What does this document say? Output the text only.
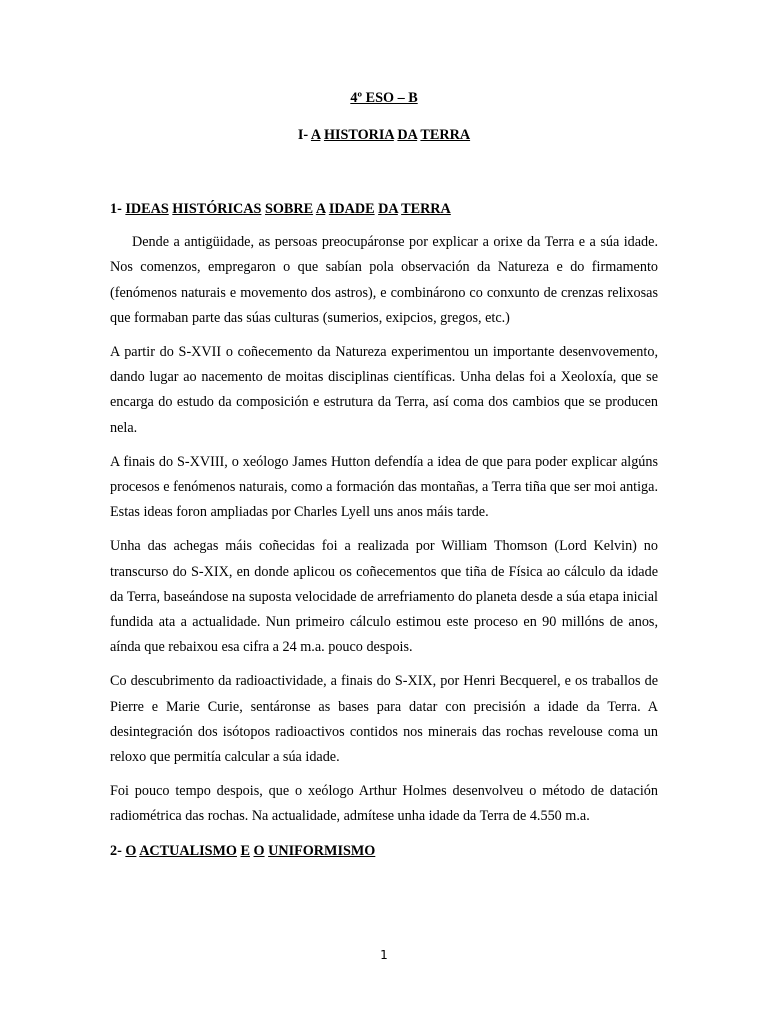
4º ESO – B
I- A HISTORIA DA TERRA
1- IDEAS HISTÓRICAS SOBRE A IDADE DA TERRA

Dende a antigüidade, as persoas preocupáronse por explicar a orixe da Terra e a súa idade. Nos comenzos, empregaron o que sabían pola observación da Natureza e do firmamento (fenómenos naturais e movemento dos astros), e combinárono co conxunto de crenzas relixosas que formaban parte das súas culturas (sumerios, exipcios, gregos, etc.)

A partir do S-XVII o coñecemento da Natureza experimentou un importante desenvovemento, dando lugar ao nacemento de moitas disciplinas científicas. Unha delas foi a Xeoloxía, que se encarga do estudo da composición e estrutura da Terra, así coma dos cambios que se producen nela.

A finais do S-XVIII, o xeólogo James Hutton defendía a idea de que para poder explicar algúns procesos e fenómenos naturais, como a formación das montañas, a Terra tiña que ser moi antiga. Estas ideas foron ampliadas por Charles Lyell uns anos máis tarde.

Unha das achegas máis coñecidas foi a realizada por William Thomson (Lord Kelvin) no transcurso do S-XIX, en donde aplicou os coñecementos que tiña de Física ao cálculo da idade da Terra, baseándose na suposta velocidade de arrefriamento do planeta desde a súa etapa inicial fundida ata a actualidade. Nun primeiro cálculo estimou este proceso en 90 millóns de anos, aínda que rebaixou esa cifra a 24 m.a. pouco despois.

Co descubrimento da radioactividade, a finais do S-XIX, por Henri Becquerel, e os traballos de Pierre e Marie Curie, sentáronse as bases para datar con precisión a idade da Terra. A desintegración dos isótopos radioactivos contidos nos minerais das rochas revelouse coma un reloxo que permitía calcular a súa idade.

Foi pouco tempo despois, que o xeólogo Arthur Holmes desenvolveu o método de datación radiométrica das rochas. Na actualidade, admítese unha idade da Terra de 4.550 m.a.

2- O ACTUALISMO E O UNIFORMISMO
1
